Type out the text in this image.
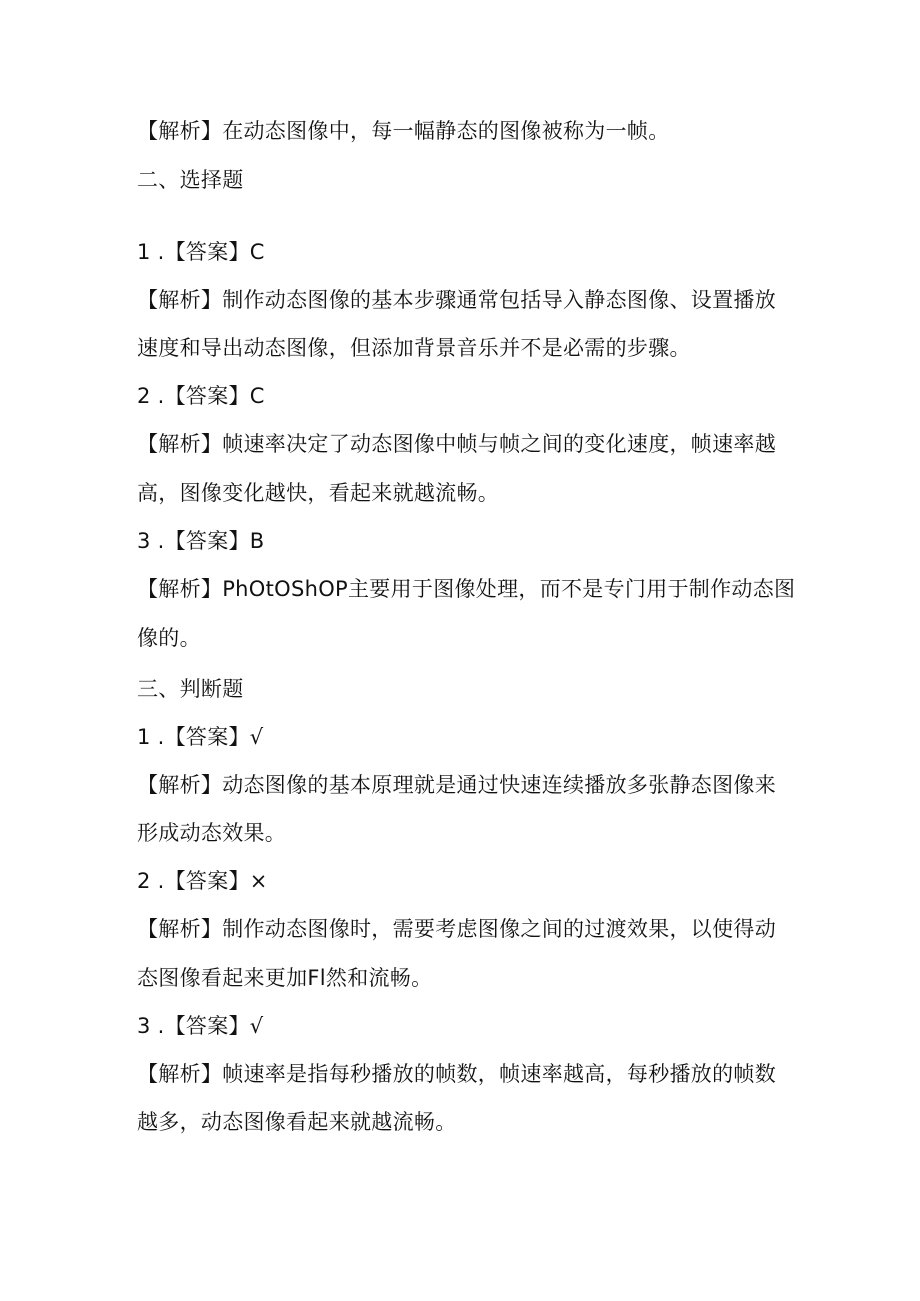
【解析】在动态图像中，每一幅静态的图像被称为一帧。
二、选择题
1 .【答案】C
【解析】制作动态图像的基本步骤通常包括导入静态图像、设置播放
速度和导出动态图像，但添加背景音乐并不是必需的步骤。
2 .【答案】C
【解析】帧速率决定了动态图像中帧与帧之间的变化速度，帧速率越
高，图像变化越快，看起来就越流畅。
3 .【答案】B
【解析】PhOtOShOP主要用于图像处理，而不是专门用于制作动态图
像的。
三、判断题
1 .【答案】√
【解析】动态图像的基本原理就是通过快速连续播放多张静态图像来
形成动态效果。
2 .【答案】×
【解析】制作动态图像时，需要考虑图像之间的过渡效果，以使得动
态图像看起来更加Fl然和流畅。
3 .【答案】√
【解析】帧速率是指每秒播放的帧数，帧速率越高，每秒播放的帧数
越多，动态图像看起来就越流畅。
